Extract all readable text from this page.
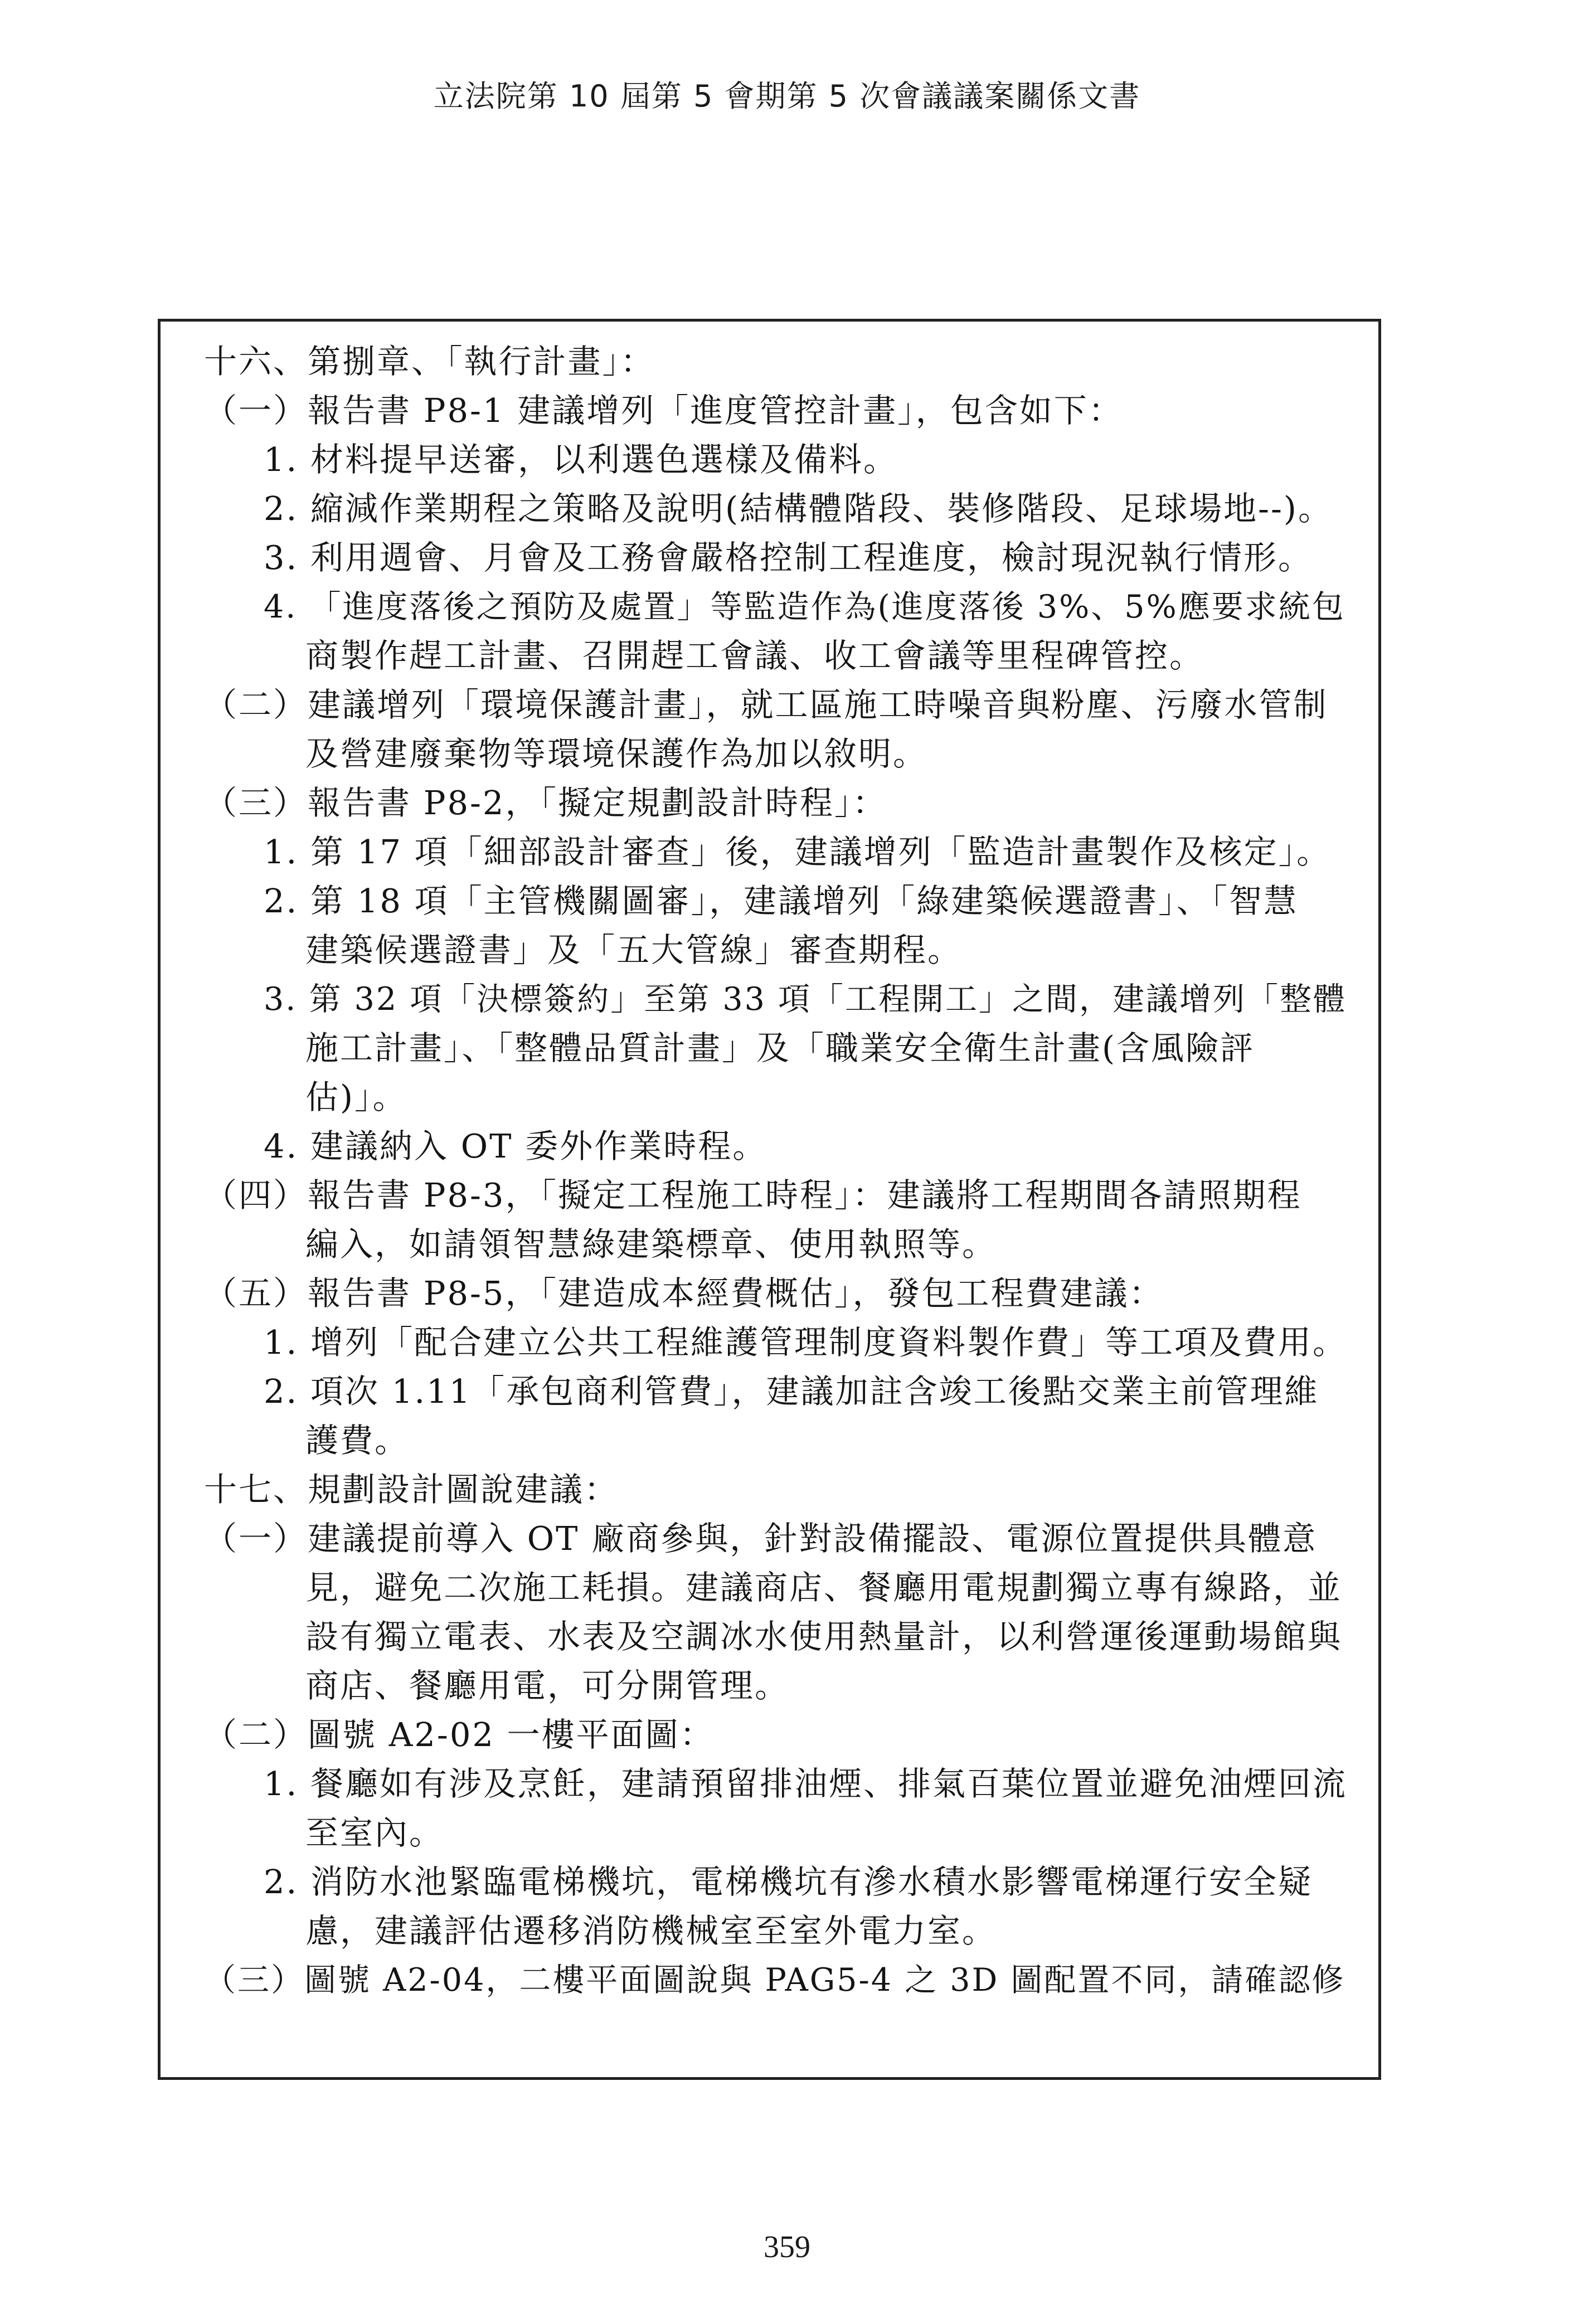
立法院第 10 屆第 5 會期第 5 次會議議案關係文書
十六、第捌章、「執行計畫」：
（一）報告書 P8-1 建議增列「進度管控計畫」，包含如下：
1. 材料提早送審，以利選色選樣及備料。
2. 縮減作業期程之策略及說明(結構體階段、裝修階段、足球場地--)。
3. 利用週會、月會及工務會嚴格控制工程進度，檢討現況執行情形。
4. 「進度落後之預防及處置」等監造作為(進度落後 3%、5%應要求統包
商製作趕工計畫、召開趕工會議、收工會議等里程碑管控。
（二）建議增列「環境保護計畫」，就工區施工時噪音與粉塵、污廢水管制
及營建廢棄物等環境保護作為加以敘明。
（三）報告書 P8-2，「擬定規劃設計時程」：
1. 第 17 項「細部設計審查」後，建議增列「監造計畫製作及核定」。
2. 第 18 項「主管機關圖審」，建議增列「綠建築候選證書」、「智慧
建築候選證書」及「五大管線」審查期程。
3. 第 32 項「決標簽約」至第 33 項「工程開工」之間，建議增列「整體
施工計畫」、「整體品質計畫」及「職業安全衛生計畫(含風險評
估)」。
4. 建議納入 OT 委外作業時程。
（四）報告書 P8-3，「擬定工程施工時程」：建議將工程期間各請照期程
編入，如請領智慧綠建築標章、使用執照等。
（五）報告書 P8-5，「建造成本經費概估」，發包工程費建議：
1. 增列「配合建立公共工程維護管理制度資料製作費」等工項及費用。
2. 項次 1.11「承包商利管費」，建議加註含竣工後點交業主前管理維
護費。
十七、規劃設計圖說建議：
（一）建議提前導入 OT 廠商參與，針對設備擺設、電源位置提供具體意
見，避免二次施工耗損。建議商店、餐廳用電規劃獨立專有線路，並
設有獨立電表、水表及空調冰水使用熱量計，以利營運後運動場館與
商店、餐廳用電，可分開管理。
（二）圖號 A2-02 一樓平面圖：
1. 餐廳如有涉及烹飪，建請預留排油煙、排氣百葉位置並避免油煙回流
至室內。
2. 消防水池緊臨電梯機坑，電梯機坑有滲水積水影響電梯運行安全疑
慮，建議評估遷移消防機械室至室外電力室。
（三）圖號 A2-04，二樓平面圖說與 PAG5-4 之 3D 圖配置不同，請確認修
359
